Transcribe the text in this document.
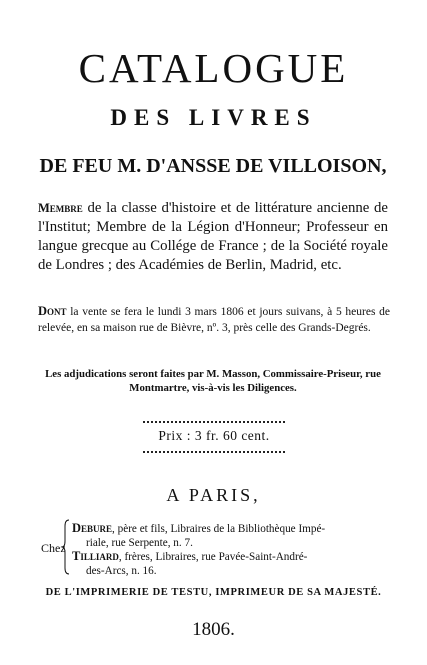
CATALOGUE
DES LIVRES
DE FEU M. D'ANSSE DE VILLOISON,
Membre de la classe d'histoire et de littérature ancienne de l'Institut; Membre de la Légion d'Honneur; Professeur en langue grecque au Collége de France ; de la Société royale de Londres ; des Académies de Berlin, Madrid, etc.
Dont la vente se fera le lundi 3 mars 1806 et jours suivans, à 5 heures de relevée, en sa maison rue de Bièvre, nº. 3, près celle des Grands-Degrés.
Les adjudications seront faites par M. Masson, Commissaire-Priseur, rue Montmartre, vis-à-vis les Diligences.
Prix : 3 fr. 60 cent.
A PARIS,
Chez
Debure, père et fils, Libraires de la Bibliothèque Impé-
riale, rue Serpente, n. 7.
Tilliard, frères, Libraires, rue Pavée-Saint-André-
des-Arcs, n. 16.
DE L'IMPRIMERIE DE TESTU, IMPRIMEUR DE SA MAJESTÉ.
1806.
